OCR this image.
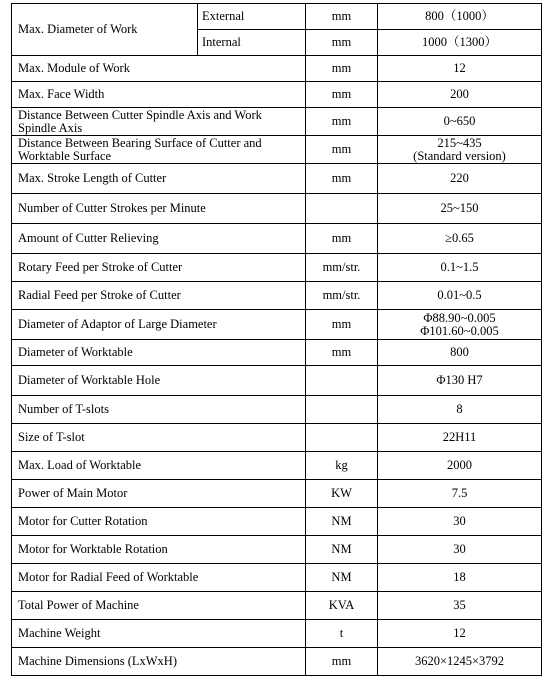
Max. Diameter of Work	External	mm	800（1000）
	Internal	mm	1000（1300）
Max. Module of Work		mm	12
Max. Face Width		mm	200

Distance Between Cutter Spindle Axis and Work
Spindle Axis		mm	0~650

Distance Between Bearing Surface of Cutter and
Worktable Surface		mm	215~435
(Standard version)

Max. Stroke Length of Cutter		mm	220
Number of Cutter Strokes per Minute			25~150
Amount of Cutter Relieving		mm	≥0.65
Rotary Feed per Stroke of Cutter		mm/str.	0.1~1.5
Radial Feed per Stroke of Cutter		mm/str.	0.01~0.5
Diameter of Adaptor of Large Diameter		mm	Φ88.90~0.005
Φ101.60~0.005

Diameter of Worktable		mm	800
Diameter of Worktable Hole			Φ130 H7
Number of T-slots			8
Size of T-slot			22H11
Max. Load of Worktable		kg	2000
Power of Main Motor		KW	7.5
Motor for Cutter Rotation		NM	30
Motor for Worktable Rotation		NM	30
Motor for Radial Feed of Worktable		NM	18
Total Power of Machine		KVA	35
Machine Weight		t	12
Machine Dimensions (LxWxH)		mm	3620×1245×3792
